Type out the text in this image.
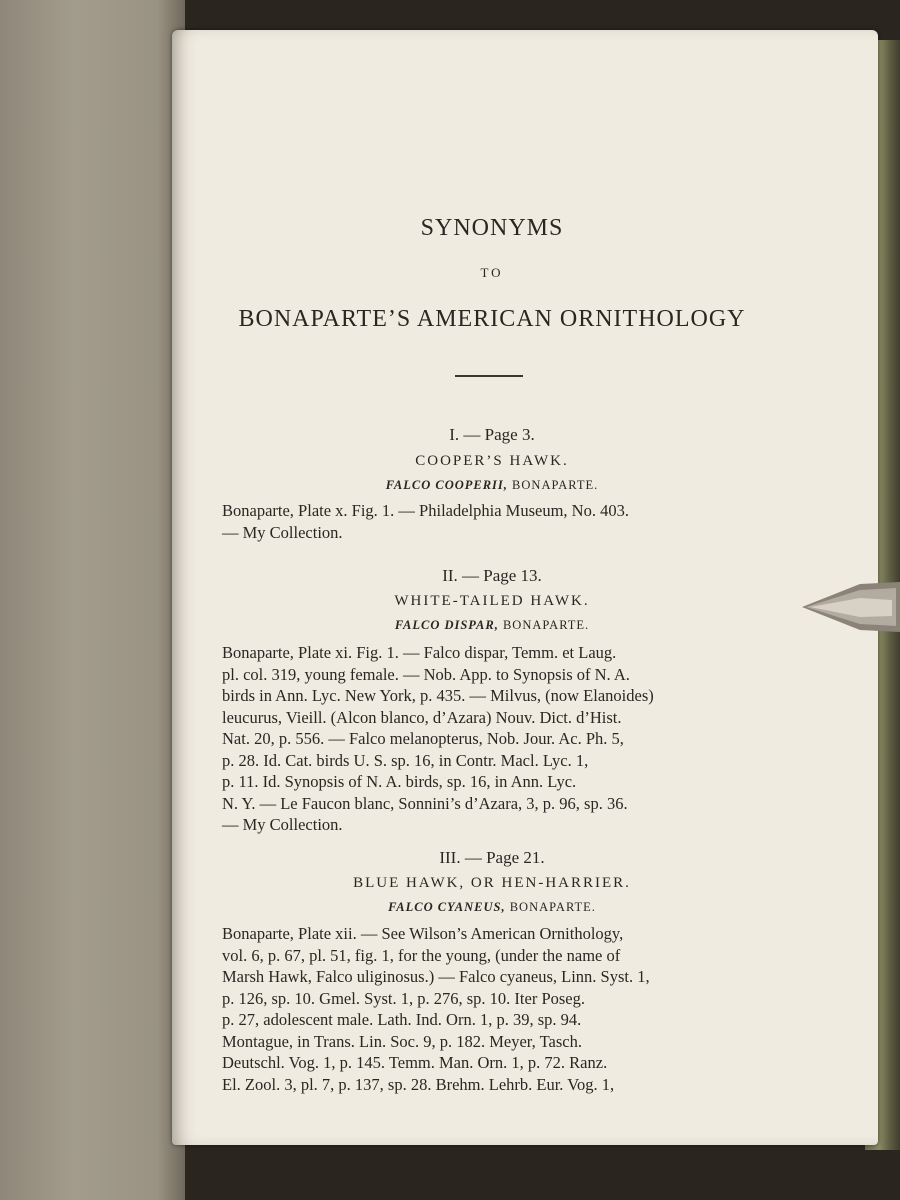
SYNONYMS
TO
BONAPARTE’S AMERICAN ORNITHOLOGY
I. — Page 3.
COOPER’S HAWK.
FALCO COOPERII, BONAPARTE.
Bonaparte, Plate x. Fig. 1. — Philadelphia Museum, No. 403.
— My Collection.
II. — Page 13.
WHITE-TAILED HAWK.
FALCO DISPAR, BONAPARTE.
Bonaparte, Plate xi. Fig. 1. — Falco dispar, Temm. et Laug.
pl. col. 319, young female. — Nob. App. to Synopsis of N. A.
birds in Ann. Lyc. New York, p. 435. — Milvus, (now Elanoides)
leucurus, Vieill. (Alcon blanco, d’Azara) Nouv. Dict. d’Hist.
Nat. 20, p. 556. — Falco melanopterus, Nob. Jour. Ac. Ph. 5,
p. 28. Id. Cat. birds U. S. sp. 16, in Contr. Macl. Lyc. 1,
p. 11. Id. Synopsis of N. A. birds, sp. 16, in Ann. Lyc.
N. Y. — Le Faucon blanc, Sonnini’s d’Azara, 3, p. 96, sp. 36.
— My Collection.
III. — Page 21.
BLUE HAWK, OR HEN-HARRIER.
FALCO CYANEUS, BONAPARTE.
Bonaparte, Plate xii. — See Wilson’s American Ornithology,
vol. 6, p. 67, pl. 51, fig. 1, for the young, (under the name of
Marsh Hawk, Falco uliginosus.) — Falco cyaneus, Linn. Syst. 1,
p. 126, sp. 10. Gmel. Syst. 1, p. 276, sp. 10. Iter Poseg.
p. 27, adolescent male. Lath. Ind. Orn. 1, p. 39, sp. 94.
Montague, in Trans. Lin. Soc. 9, p. 182. Meyer, Tasch.
Deutschl. Vog. 1, p. 145. Temm. Man. Orn. 1, p. 72. Ranz.
El. Zool. 3, pl. 7, p. 137, sp. 28. Brehm. Lehrb. Eur. Vog. 1,
